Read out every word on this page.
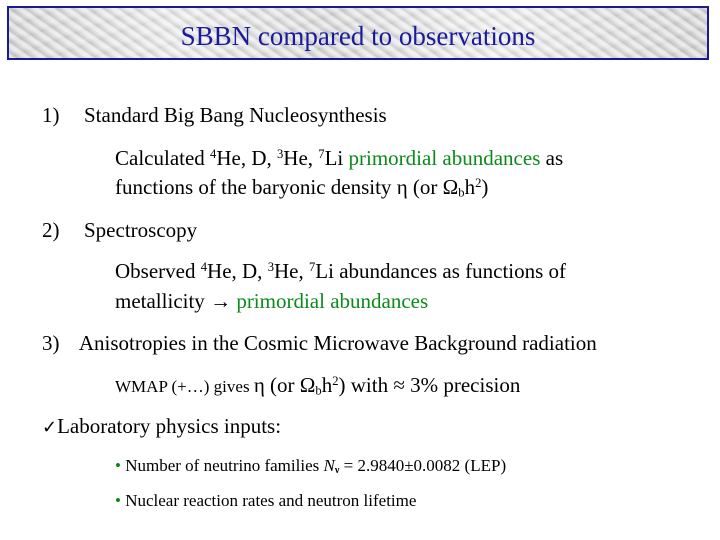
SBBN compared to observations
1) Standard Big Bang Nucleosynthesis
Calculated $^4$He, D, $^3$He, $^7$Li primordial abundances as
functions of the baryonic density η (or $\Omega_bh^2$)
2) Spectroscopy
Observed $^4$He, D, $^3$He, $^7$Li abundances as functions of
metallicity → primordial abundances
3) Anisotropies in the Cosmic Microwave Background radiation
WMAP (+…) gives η (or $\Omega_bh^2$) with ≈ 3% precision
✓Laboratory physics inputs:
• Number of neutrino families $N_\nu = 2.9840\pm 0.0082$ (LEP)
• Nuclear reaction rates and neutron lifetime
